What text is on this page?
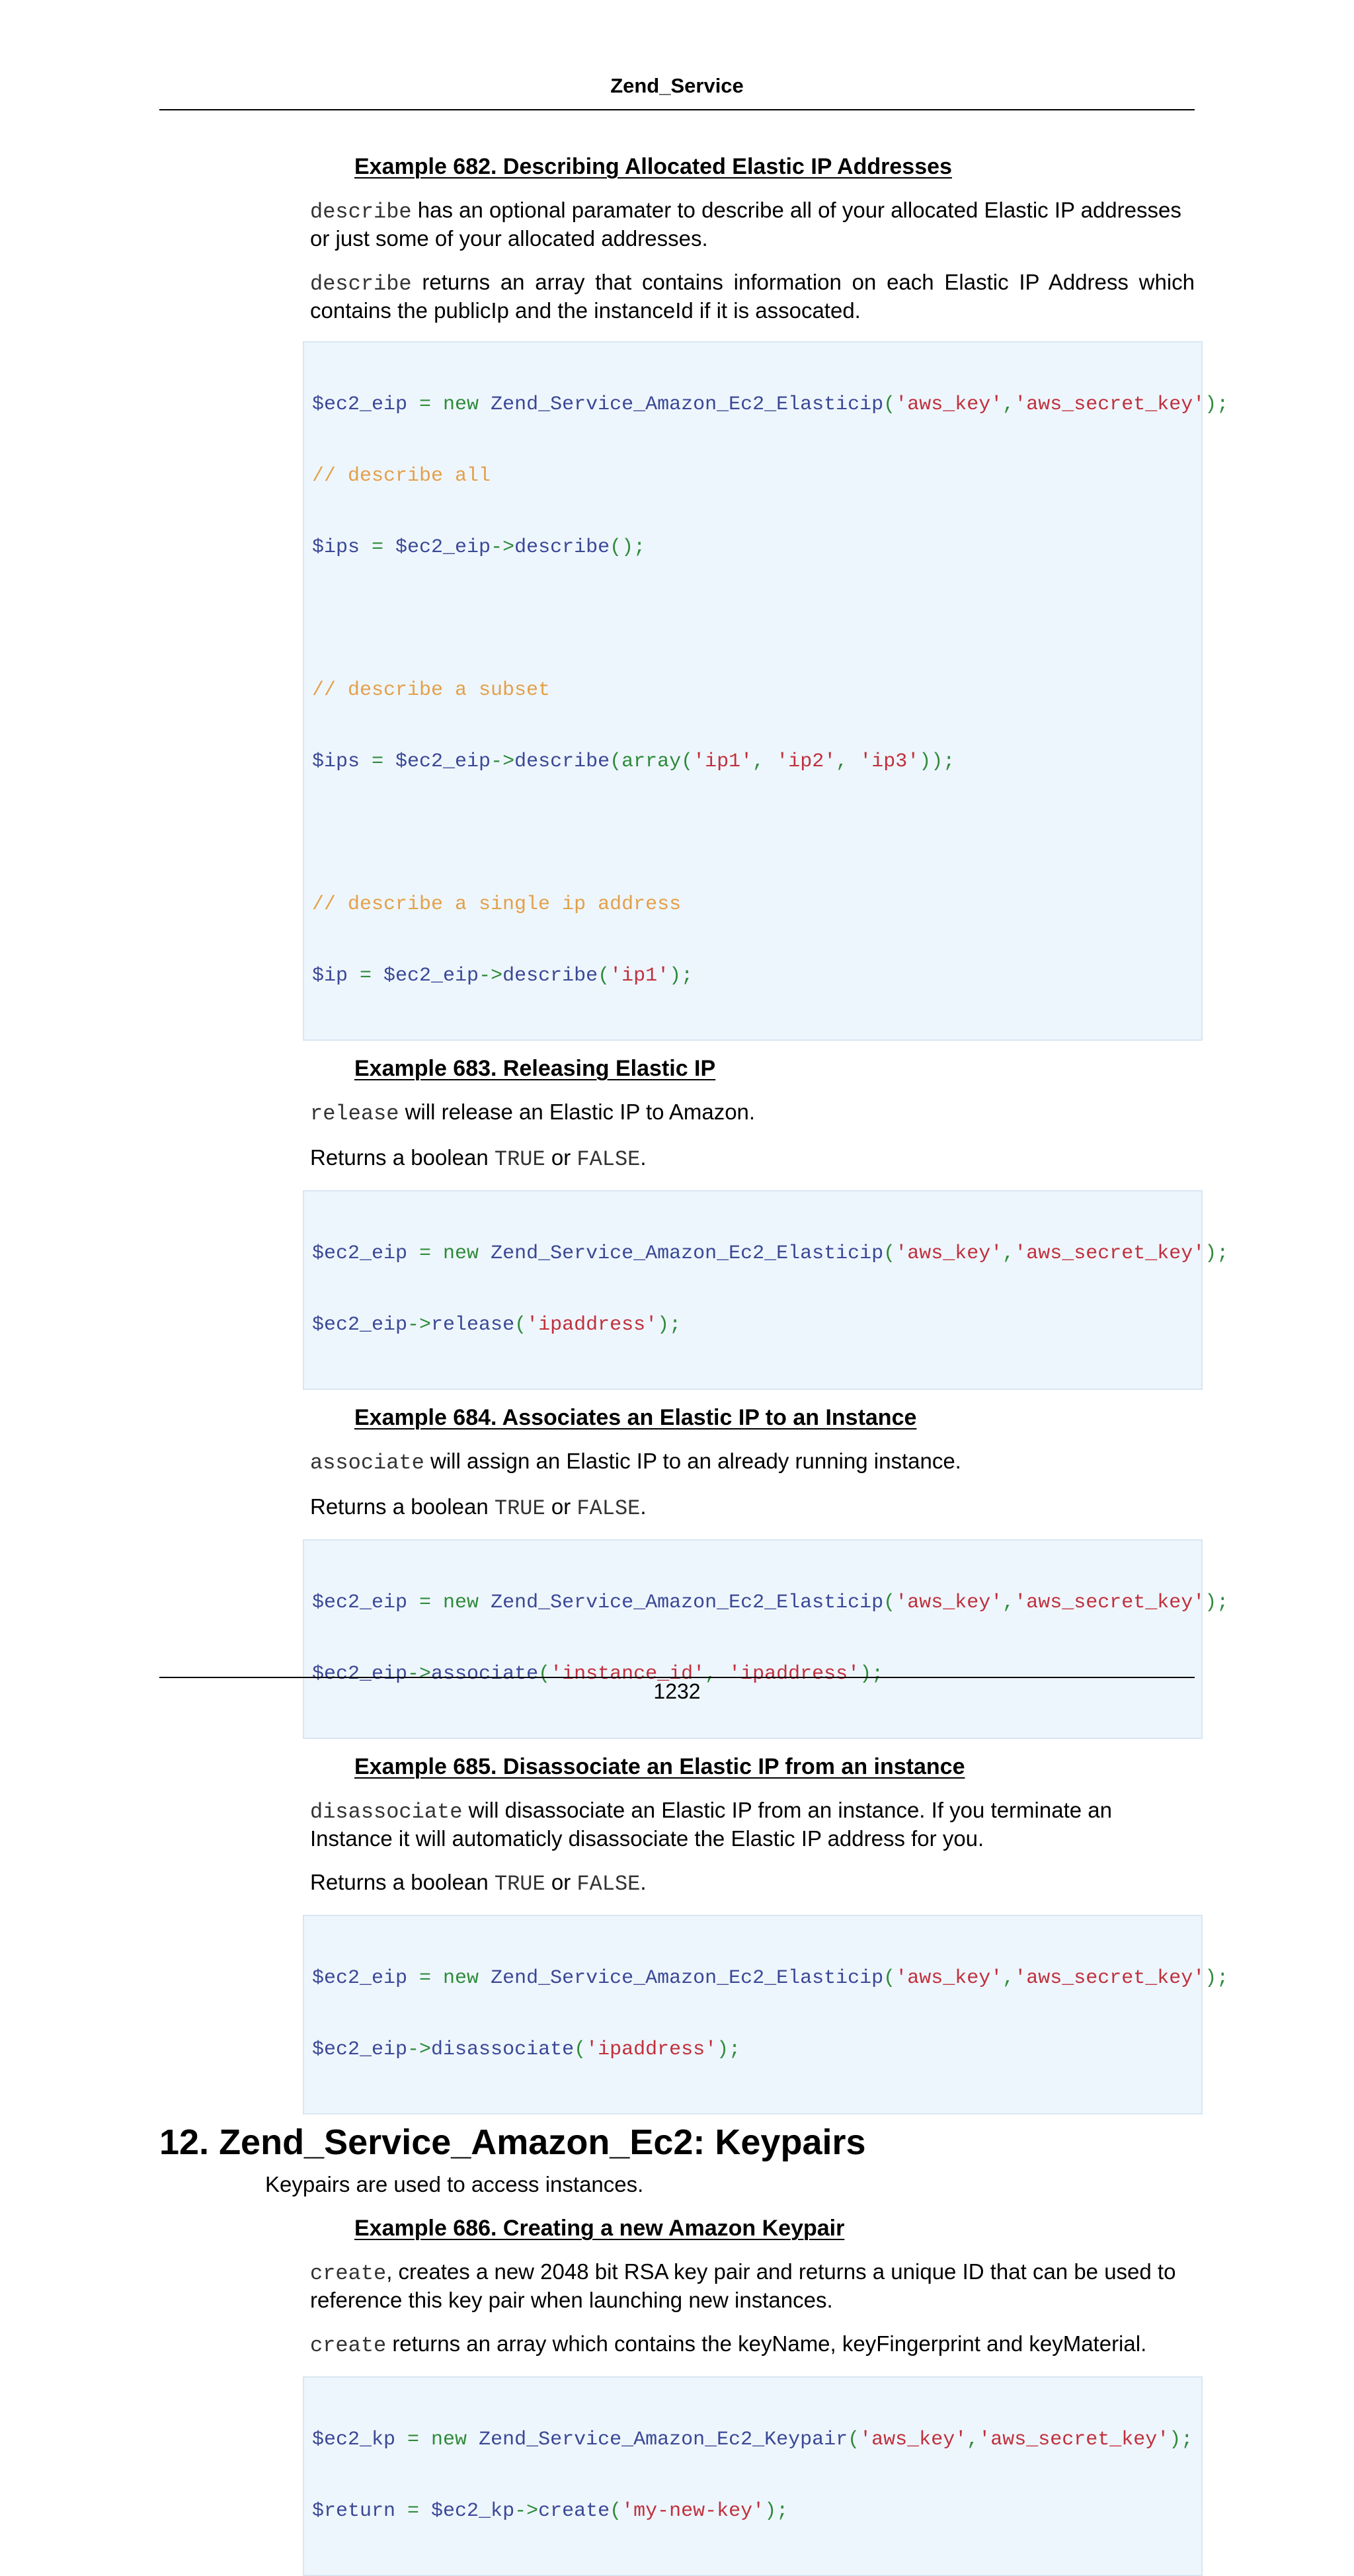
Zend_Service
Example 682. Describing Allocated Elastic IP Addresses
describe has an optional paramater to describe all of your allocated Elastic IP addresses or just some of your allocated addresses.
describe returns an array that contains information on each Elastic IP Address which contains the publicIp and the instanceId if it is assocated.

$ec2_eip = new Zend_Service_Amazon_Ec2_Elasticip('aws_key','aws_secret_key');

// describe all

$ips = $ec2_eip->describe();

// describe a subset

$ips = $ec2_eip->describe(array('ip1', 'ip2', 'ip3'));

// describe a single ip address

$ip = $ec2_eip->describe('ip1');

Example 683. Releasing Elastic IP
release will release an Elastic IP to Amazon.
Returns a boolean TRUE or FALSE.

$ec2_eip = new Zend_Service_Amazon_Ec2_Elasticip('aws_key','aws_secret_key');

$ec2_eip->release('ipaddress');

Example 684. Associates an Elastic IP to an Instance
associate will assign an Elastic IP to an already running instance.
Returns a boolean TRUE or FALSE.

$ec2_eip = new Zend_Service_Amazon_Ec2_Elasticip('aws_key','aws_secret_key');

$ec2_eip->associate('instance_id', 'ipaddress');

Example 685. Disassociate an Elastic IP from an instance
disassociate will disassociate an Elastic IP from an instance. If you terminate an Instance it will automaticly disassociate the Elastic IP address for you.
Returns a boolean TRUE or FALSE.

$ec2_eip = new Zend_Service_Amazon_Ec2_Elasticip('aws_key','aws_secret_key');

$ec2_eip->disassociate('ipaddress');

12. Zend_Service_Amazon_Ec2: Keypairs
Keypairs are used to access instances.
Example 686. Creating a new Amazon Keypair
create, creates a new 2048 bit RSA key pair and returns a unique ID that can be used to reference this key pair when launching new instances.
create returns an array which contains the keyName, keyFingerprint and keyMaterial.

$ec2_kp = new Zend_Service_Amazon_Ec2_Keypair('aws_key','aws_secret_key');

$return = $ec2_kp->create('my-new-key');

1232
